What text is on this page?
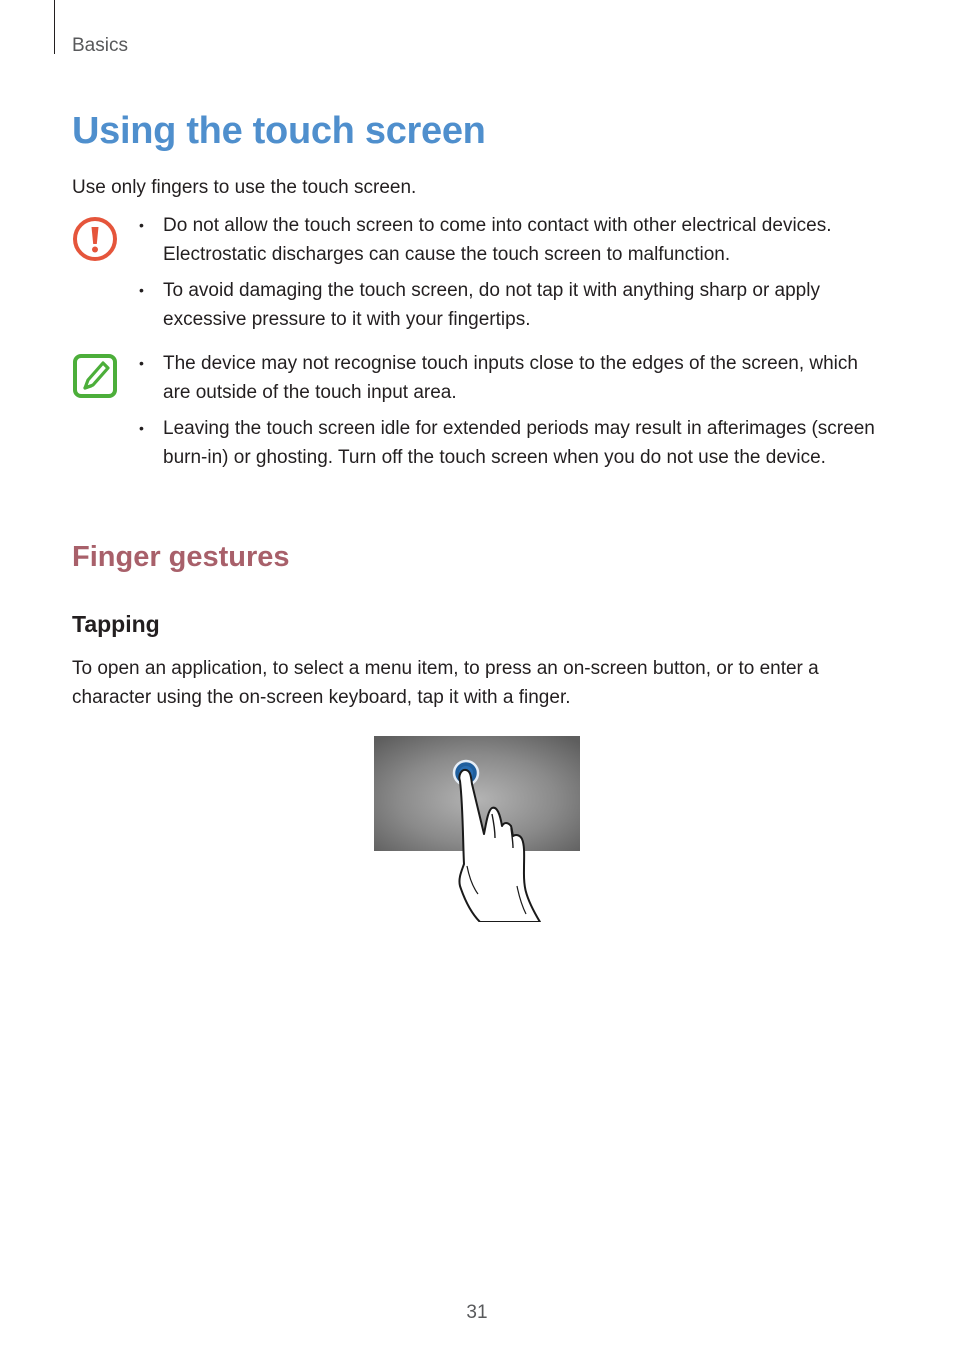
Basics

Using the touch screen

Use only fingers to use the touch screen.

• Do not allow the touch screen to come into contact with other electrical devices. Electrostatic discharges can cause the touch screen to malfunction.
• To avoid damaging the touch screen, do not tap it with anything sharp or apply excessive pressure to it with your fingertips.
• The device may not recognise touch inputs close to the edges of the screen, which are outside of the touch input area.
• Leaving the touch screen idle for extended periods may result in afterimages (screen burn-in) or ghosting. Turn off the touch screen when you do not use the device.
Finger gestures
Tapping

To open an application, to select a menu item, to press an on-screen button, or to enter a character using the on-screen keyboard, tap it with a finger.

31
